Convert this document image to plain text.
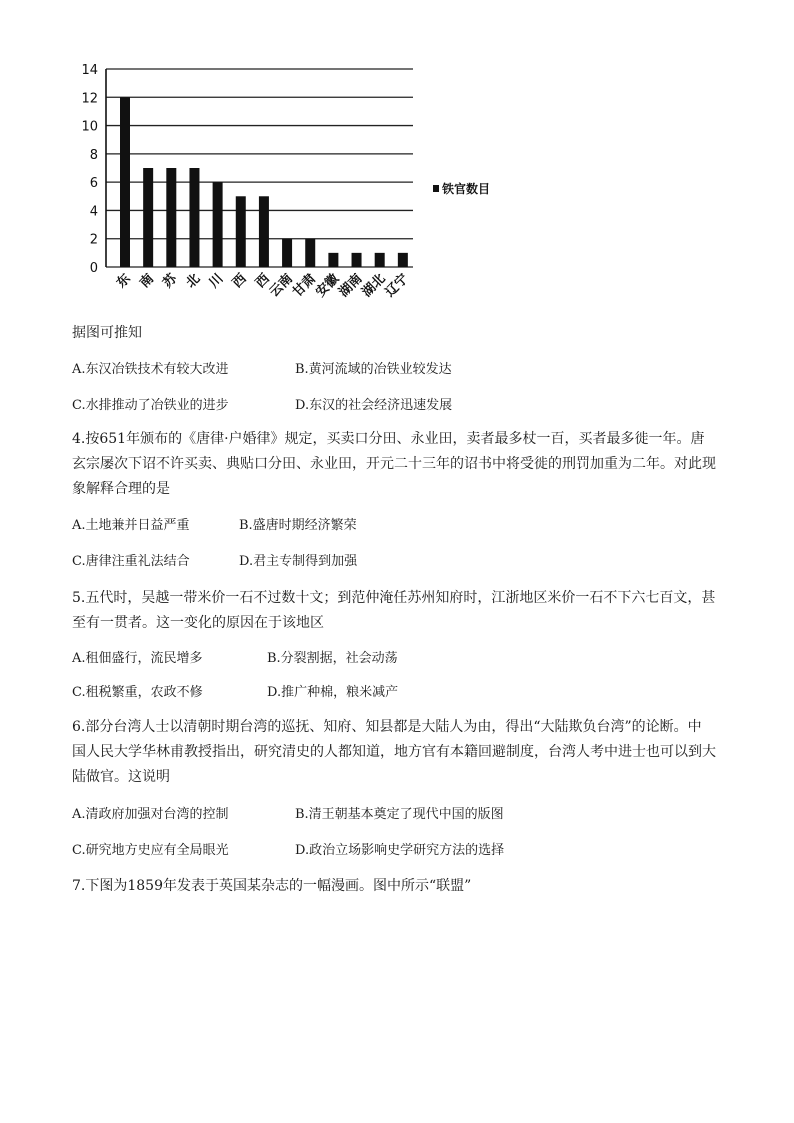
0
2
4
6
8
10
12
14
东 南 苏 北 川 西 西
云南
甘肃
安徽
湖南
湖北
辽宁
铁官数目
据图可推知
A.东汉冶铁技术有较大改进	B.黄河流域的冶铁业较发达
C.水排推动了冶铁业的进步	D.东汉的社会经济迅速发展
4.按651年颁布的《唐律·户婚律》规定，买卖口分田、永业田，卖者最多杖一百，买者最多徙一年。唐
玄宗屡次下诏不许买卖、典贴口分田、永业田，开元二十三年的诏书中将受徙的刑罚加重为二年。对此现
象解释合理的是
A.土地兼并日益严重	B.盛唐时期经济繁荣
C.唐律注重礼法结合	D.君主专制得到加强
5.五代时，吴越一带米价一石不过数十文；到范仲淹任苏州知府时，江浙地区米价一石不下六七百文，甚
至有一贯者。这一变化的原因在于该地区
A.租佃盛行，流民增多	B.分裂割据，社会动荡
C.租税繁重，农政不修	D.推广种棉，粮米减产
6.部分台湾人士以清朝时期台湾的巡抚、知府、知县都是大陆人为由，得出“大陆欺负台湾”的论断。中
国人民大学华林甫教授指出，研究清史的人都知道，地方官有本籍回避制度，台湾人考中进士也可以到大
陆做官。这说明
A.清政府加强对台湾的控制	B.清王朝基本奠定了现代中国的版图
C.研究地方史应有全局眼光	D.政治立场影响史学研究方法的选择
7.下图为1859年发表于英国某杂志的一幅漫画。图中所示“联盟”
